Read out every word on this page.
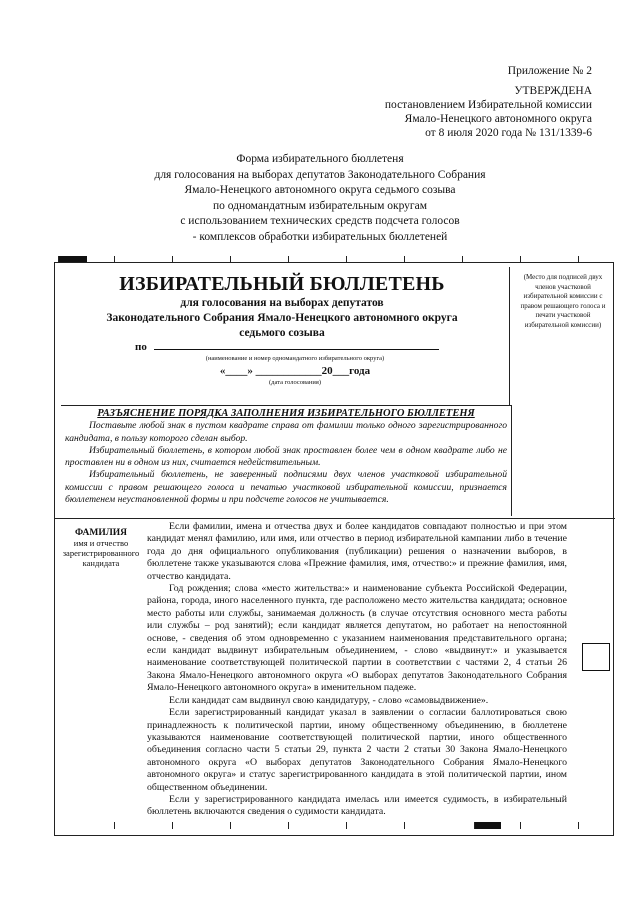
Приложение № 2
УТВЕРЖДЕНА
постановлением Избирательной комиссии
Ямало-Ненецкого автономного округа
от 8 июля 2020 года № 131/1339-6
Форма избирательного бюллетеня
для голосования на выборах депутатов Законодательного Собрания
Ямало-Ненецкого автономного округа седьмого созыва
по одномандатным избирательным округам
с использованием технических средств подсчета голосов
- комплексов обработки избирательных бюллетеней
ИЗБИРАТЕЛЬНЫЙ БЮЛЛЕТЕНЬ
для голосования на выборах депутатов
Законодательного Собрания Ямало-Ненецкого автономного округа
седьмого созыва
по
(наименование и номер одномандатного избирательного округа)
«____» ____________20___года
(дата голосования)
(Место для подписей двух членов участковой избирательной комиссии с правом решающего голоса и печати участковой избирательной комиссии)
РАЗЪЯСНЕНИЕ ПОРЯДКА ЗАПОЛНЕНИЯ ИЗБИРАТЕЛЬНОГО БЮЛЛЕТЕНЯ

Поставьте любой знак в пустом квадрате справа от фамилии только одного зарегистрированного кандидата, в пользу которого сделан выбор.

Избирательный бюллетень, в котором любой знак проставлен более чем в одном квадрате либо не проставлен ни в одном из них, считается недействительным.

Избирательный бюллетень, не заверенный подписями двух членов участковой избирательной комиссии с правом решающего голоса и печатью участковой избирательной комиссии, признается бюллетенем неустановленной формы и при подсчете голосов не учитывается.

ФАМИЛИЯ
имя и отчество зарегистрированного кандидата

Если фамилии, имена и отчества двух и более кандидатов совпадают полностью и при этом кандидат менял фамилию, или имя, или отчество в период избирательной кампании либо в течение года до дня официального опубликования (публикации) решения о назначении выборов, в бюллетене также указываются слова «Прежние фамилия, имя, отчество:» и прежние фамилия, имя, отчество кандидата.

Год рождения; слова «место жительства:» и наименование субъекта Российской Федерации, района, города, иного населенного пункта, где расположено место жительства кандидата; основное место работы или службы, занимаемая должность (в случае отсутствия основного места работы или службы – род занятий); если кандидат является депутатом, но работает на непостоянной основе, - сведения об этом одновременно с указанием наименования представительного органа; если кандидат выдвинут избирательным объединением, - слово «выдвинут:» и указывается наименование соответствующей политической партии в соответствии с частями 2, 4 статьи 26 Закона Ямало-Ненецкого автономного округа «О выборах депутатов Законодательного Собрания Ямало-Ненецкого автономного округа» в именительном падеже.

Если кандидат сам выдвинул свою кандидатуру, - слово «самовыдвижение».

Если зарегистрированный кандидат указал в заявлении о согласии баллотироваться свою принадлежность к политической партии, иному общественному объединению, в бюллетене указываются наименование соответствующей политической партии, иного общественного объединения согласно части 5 статьи 29, пункта 2 части 2 статьи 30 Закона Ямало-Ненецкого автономного округа «О выборах депутатов Законодательного Собрания Ямало-Ненецкого автономного округа» и статус зарегистрированного кандидата в этой политической партии, ином общественном объединении.

Если у зарегистрированного кандидата имелась или имеется судимость, в избирательный бюллетень включаются сведения о судимости кандидата.
